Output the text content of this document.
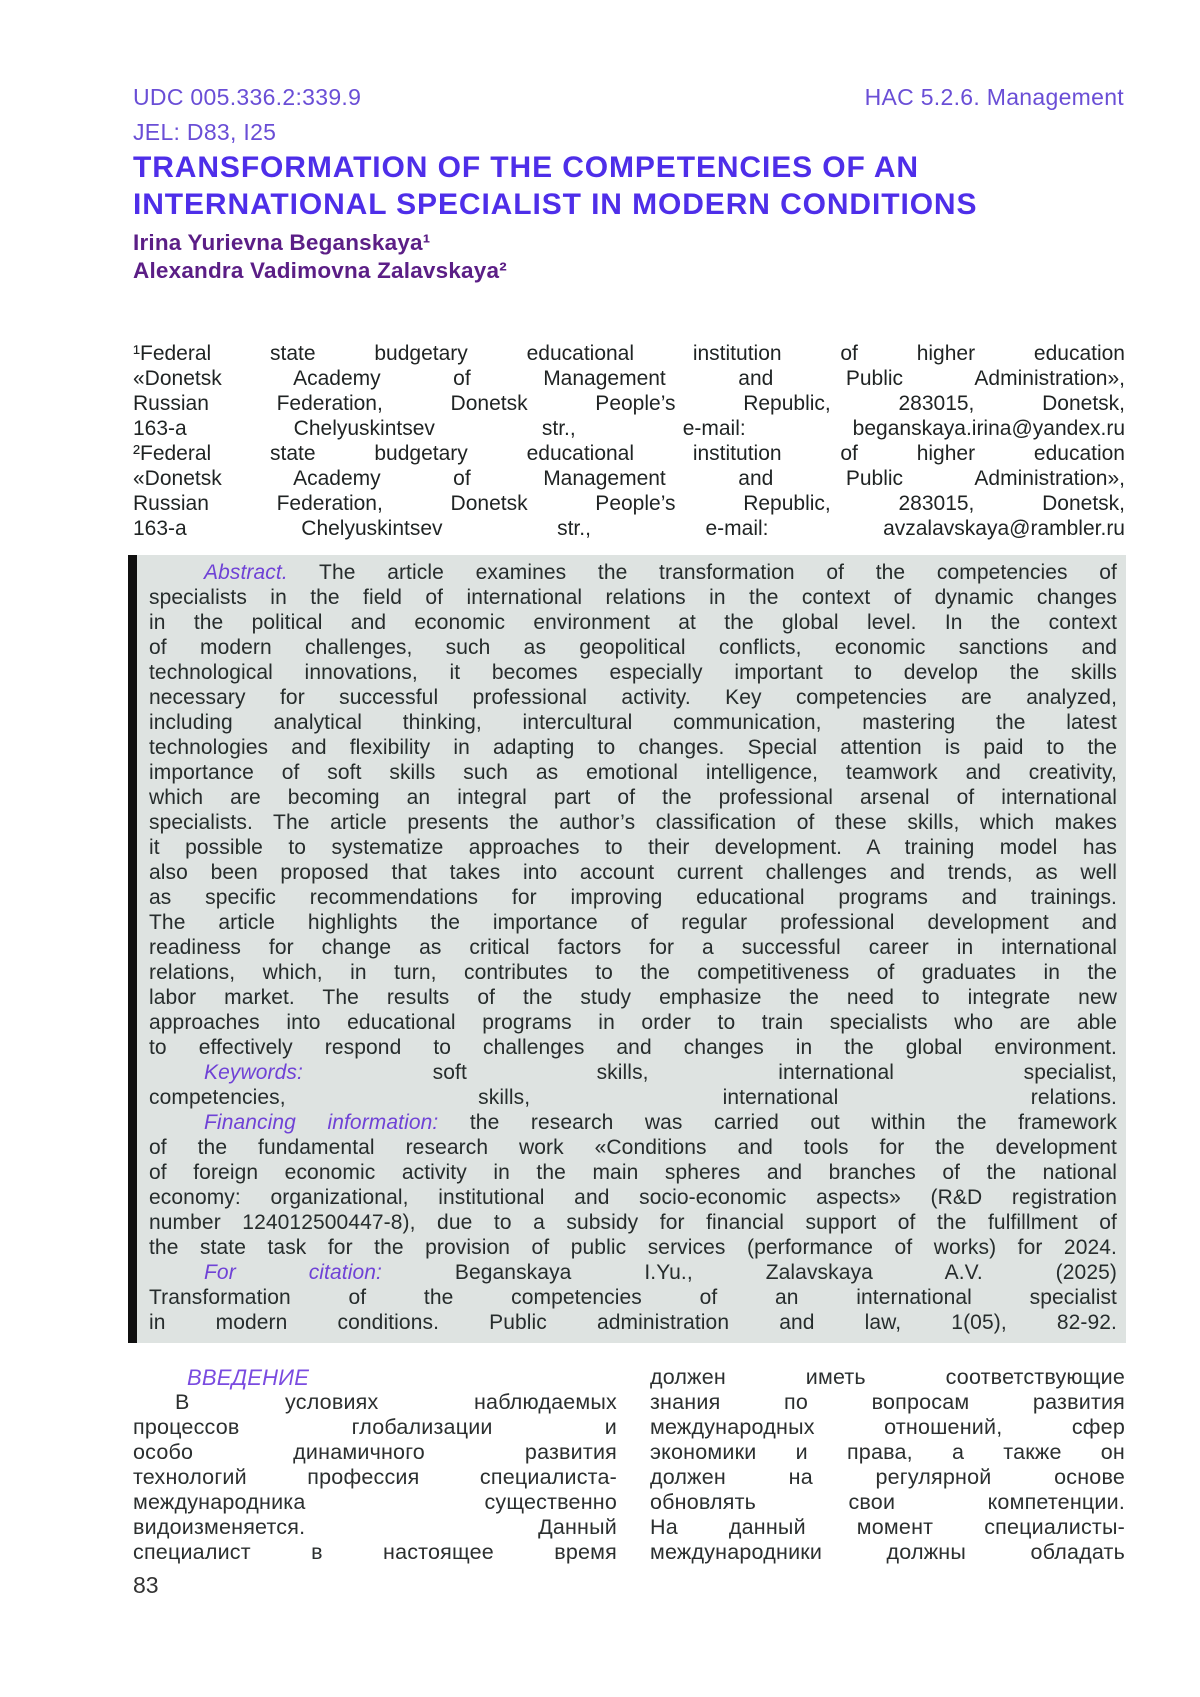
UDC 005.336.2:339.9
JEL: D83, I25
HAC 5.2.6. Management
TRANSFORMATION OF THE COMPETENCIES OF AN
INTERNATIONAL SPECIALIST IN MODERN CONDITIONS
Irina Yurievna Beganskaya¹
Alexandra Vadimovna Zalavskaya²
¹Federal state budgetary educational institution of higher education
«Donetsk Academy of Management and Public Administration»,
Russian Federation, Donetsk People’s Republic, 283015, Donetsk,
163-a Chelyuskintsev str., e-mail: beganskaya.irina@yandex.ru
²Federal state budgetary educational institution of higher education
«Donetsk Academy of Management and Public Administration»,
Russian Federation, Donetsk People’s Republic, 283015, Donetsk,
163-a Chelyuskintsev str., e-mail: avzalavskaya@rambler.ru
Abstract. The article examines the transformation of the competencies of
specialists in the field of international relations in the context of dynamic changes
in the political and economic environment at the global level. In the context
of modern challenges, such as geopolitical conflicts, economic sanctions and
technological innovations, it becomes especially important to develop the skills
necessary for successful professional activity. Key competencies are analyzed,
including analytical thinking, intercultural communication, mastering the latest
technologies and flexibility in adapting to changes. Special attention is paid to the
importance of soft skills such as emotional intelligence, teamwork and creativity,
which are becoming an integral part of the professional arsenal of international
specialists. The article presents the author’s classification of these skills, which makes
it possible to systematize approaches to their development. A training model has
also been proposed that takes into account current challenges and trends, as well
as specific recommendations for improving educational programs and trainings.
The article highlights the importance of regular professional development and
readiness for change as critical factors for a successful career in international
relations, which, in turn, contributes to the competitiveness of graduates in the
labor market. The results of the study emphasize the need to integrate new
approaches into educational programs in order to train specialists who are able
to effectively respond to challenges and changes in the global environment.
Keywords: soft skills, international specialist,
competencies, skills, international relations.
Financing information: the research was carried out within the framework
of the fundamental research work «Conditions and tools for the development
of foreign economic activity in the main spheres and branches of the national
economy: organizational, institutional and socio-economic aspects» (R&D registration
number 124012500447-8), due to a subsidy for financial support of the fulfillment of
the state task for the provision of public services (performance of works) for 2024.
For citation: Beganskaya I.Yu., Zalavskaya A.V. (2025)
Transformation of the competencies of an international specialist
in modern conditions. Public administration and law, 1(05), 82-92.
ВВЕДЕНИЕ
В условиях наблюдаемых
процессов глобализации и
особо динамичного развития
технологий профессия специалиста-
международника существенно
видоизменяется. Данный
специалист в настоящее время
должен иметь соответствующие
знания по вопросам развития
международных отношений, сфер
экономики и права, а также он
должен на регулярной основе
обновлять свои компетенции.
На данный момент специалисты-
международники должны обладать
83
